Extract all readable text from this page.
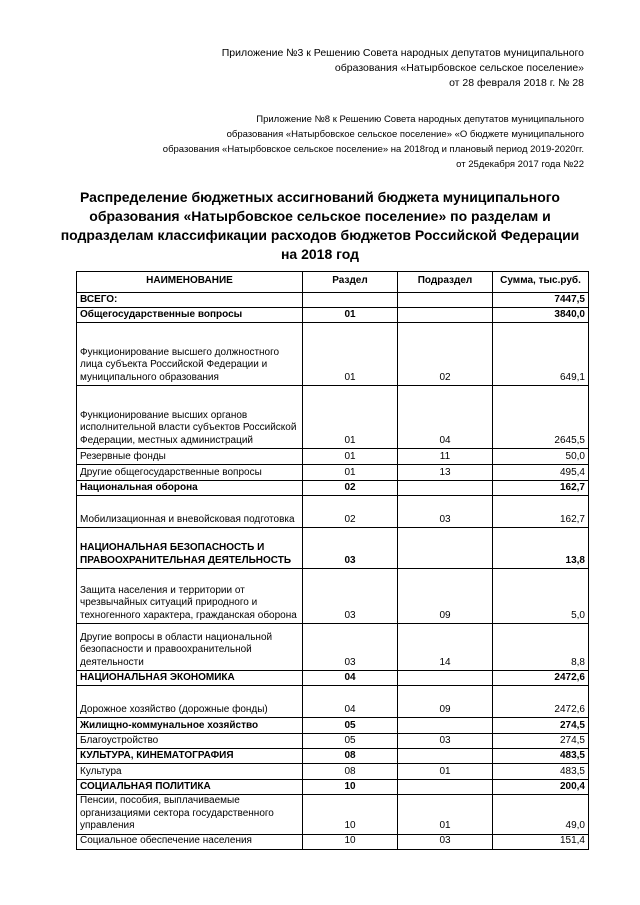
Приложение №3 к Решению Совета народных депутатов муниципального
образования «Натырбовское сельское поселение»
от 28 февраля 2018 г. № 28
Приложение №8 к Решению Совета народных депутатов муниципального
образования «Натырбовское сельское поселение» «О бюджете муниципального
образования «Натырбовское сельское поселение» на 2018год и плановый период 2019-2020гг.
от 25декабря 2017 года №22
Распределение бюджетных ассигнований бюджета муниципального
образования «Натырбовское сельское поселение» по разделам и
подразделам классификации расходов бюджетов Российской Федерации
на 2018 год
НАИМЕНОВАНИЕ	Раздел	Подраздел	Сумма, тыс.руб.
ВСЕГО:			7447,5
Общегосударственные вопросы	01		3840,0
Функционирование высшего должностного лица субъекта Российской Федерации и муниципального образования	01	02	649,1
Функционирование высших органов исполнительной власти субъектов Российской Федерации, местных администраций	01	04	2645,5
Резервные фонды	01	11	50,0
Другие общегосударственные вопросы	01	13	495,4
Национальная оборона	02		162,7
Мобилизационная и вневойсковая подготовка	02	03	162,7
НАЦИОНАЛЬНАЯ БЕЗОПАСНОСТЬ И ПРАВООХРАНИТЕЛЬНАЯ ДЕЯТЕЛЬНОСТЬ	03		13,8
Защита населения и территории от чрезвычайных ситуаций природного и техногенного характера, гражданская оборона	03	09	5,0
Другие вопросы в области национальной безопасности и правоохранительной деятельности	03	14	8,8
НАЦИОНАЛЬНАЯ ЭКОНОМИКА	04		2472,6
Дорожное хозяйство (дорожные фонды)	04	09	2472,6
Жилищно-коммунальное хозяйство	05		274,5
Благоустройство	05	03	274,5
КУЛЬТУРА, КИНЕМАТОГРАФИЯ	08		483,5
Культура	08	01	483,5
СОЦИАЛЬНАЯ ПОЛИТИКА	10		200,4
Пенсии, пособия, выплачиваемые организациями сектора государственного управления	10	01	49,0
Социальное обеспечение населения	10	03	151,4
